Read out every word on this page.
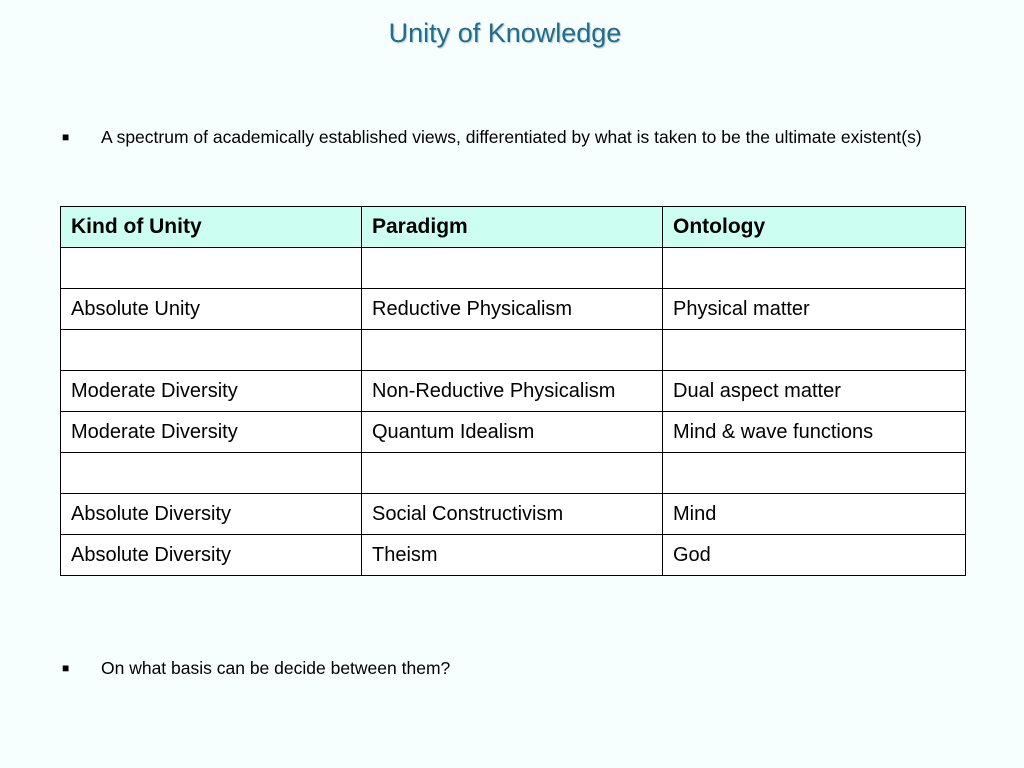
Unity of Knowledge
■	A spectrum of academically established views, differentiated by what is taken to be the ultimate existent(s)
Kind of Unity	Paradigm	Ontology

Absolute Unity	Reductive Physicalism	Physical matter

Moderate Diversity	Non-Reductive Physicalism	Dual aspect matter
Moderate Diversity	Quantum Idealism	Mind & wave functions

Absolute Diversity	Social Constructivism	Mind
Absolute Diversity	Theism	God
■	On what basis can be decide between them?
